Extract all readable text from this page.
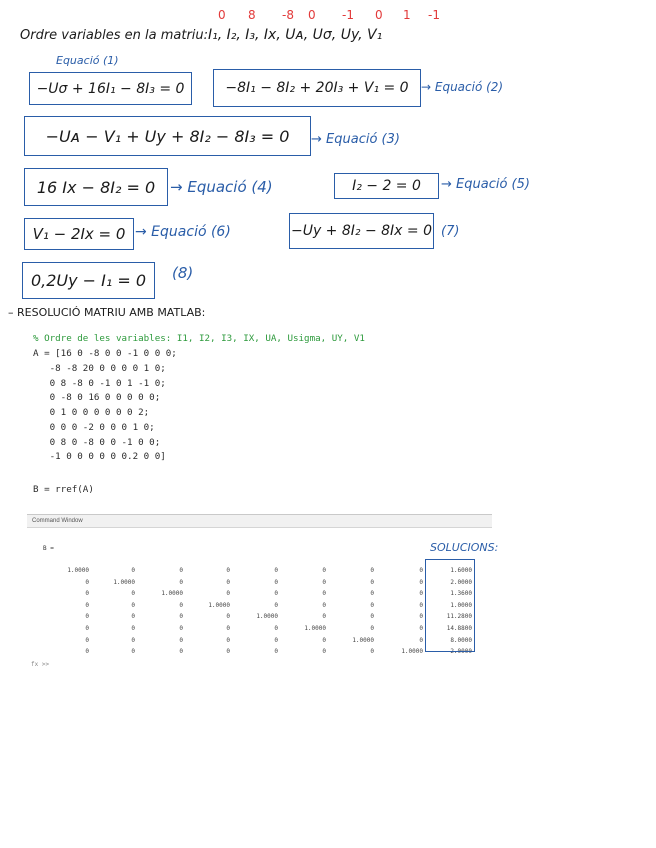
Ordre variables en la matriu: I₁, I₂, I₃, Ix, Uᴀ, Uσ, Uy, V₁
0 8 -8 0 -1 0 1 -1
Equació (1)
−Uσ + 16I₁ − 8I₃ = 0	−8I₁ − 8I₂ + 20I₃ + V₁ = 0	→ Equació (2)
−Uᴀ − V₁ + Uy + 8I₂ − 8I₃ = 0	→ Equació (3)
16 Ix − 8I₂ = 0 → Equació (4)	I₂ − 2 = 0	→ Equació (5)
V₁ − 2Ix = 0 → Equació (6)	−Uy + 8I₂ − 8Ix = 0 (7)
0,2Uy − I₁ = 0	(8)
– RESOLUCIÓ MATRIU AMB MATLAB:
% Ordre de les variables: I1, I2, I3, IX, UA, Usigma, UY, V1
A = [16 0 -8 0 0 -1 0 0 0;
-8 -8 20 0 0 0 0 1 0;
0 8 -8 0 -1 0 1 -1 0;
0 -8 0 16 0 0 0 0 0;
0 1 0 0 0 0 0 0 2;
0 0 0 -2 0 0 0 1 0;
0 8 0 -8 0 0 -1 0 0;
-1 0 0 0 0 0 0.2 0 0]
B = rref(A)
Command Window
B =
1.0000	0	0	0	0	0	0	0	1.6000
0	1.0000	0	0	0	0	0	0	2.0000
0	0	1.0000	0	0	0	0	0	1.3600
0	0	0	1.0000	0	0	0	0	1.0000
0	0	0	0	1.0000	0	0	0	11.2800
0	0	0	0	0	1.0000	0	0	14.8800
0	0	0	0	0	0	1.0000	0	8.0000
0	0	0	0	0	0	0	1.0000	2.0000
fx >>
SOLUCIONS:
